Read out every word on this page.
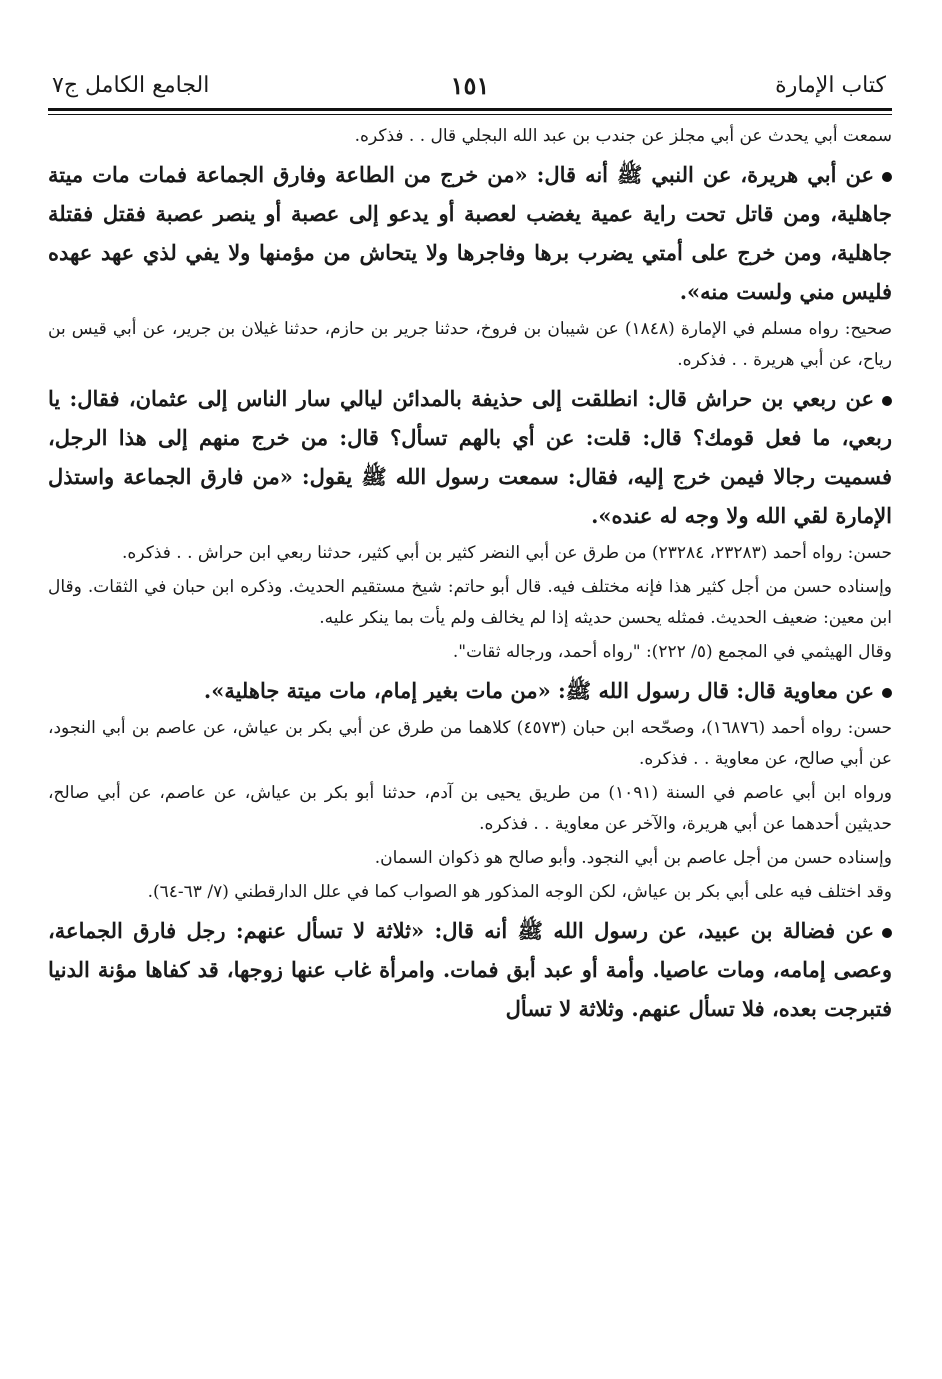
كتاب الإمارة
١٥١
الجامع الكامل ج٧

سمعت أبي يحدث عن أبي مجلز عن جندب بن عبد الله البجلي قال . . فذكره.

عن أبي هريرة، عن النبي ﷺ أنه قال: «من خرج من الطاعة وفارق الجماعة فمات مات ميتة جاهلية، ومن قاتل تحت راية عمية يغضب لعصبة أو يدعو إلى عصبة أو ينصر عصبة فقتل فقتلة جاهلية، ومن خرج على أمتي يضرب برها وفاجرها ولا يتحاش من مؤمنها ولا يفي لذي عهد عهده فليس مني ولست منه».

صحيح: رواه مسلم في الإمارة (١٨٤٨) عن شيبان بن فروخ، حدثنا جرير بن حازم، حدثنا غيلان بن جرير، عن أبي قيس بن رياح، عن أبي هريرة . . فذكره.

عن ربعي بن حراش قال: انطلقت إلى حذيفة بالمدائن ليالي سار الناس إلى عثمان، فقال: يا ربعي، ما فعل قومك؟ قال: قلت: عن أي بالهم تسأل؟ قال: من خرج منهم إلى هذا الرجل، فسميت رجالا فيمن خرج إليه، فقال: سمعت رسول الله ﷺ يقول: «من فارق الجماعة واستذل الإمارة لقي الله ولا وجه له عنده».

حسن: رواه أحمد (٢٣٢٨٣، ٢٣٢٨٤) من طرق عن أبي النضر كثير بن أبي كثير، حدثنا ربعي ابن حراش . . فذكره.

وإسناده حسن من أجل كثير هذا فإنه مختلف فيه. قال أبو حاتم: شيخ مستقيم الحديث. وذكره ابن حبان في الثقات. وقال ابن معين: ضعيف الحديث. فمثله يحسن حديثه إذا لم يخالف ولم يأت بما ينكر عليه.

وقال الهيثمي في المجمع (٥/ ٢٢٢): "رواه أحمد، ورجاله ثقات".

عن معاوية قال: قال رسول الله ﷺ: «من مات بغير إمام، مات ميتة جاهلية».

حسن: رواه أحمد (١٦٨٧٦)، وصحّحه ابن حبان (٤٥٧٣) كلاهما من طرق عن أبي بكر بن عياش، عن عاصم بن أبي النجود، عن أبي صالح، عن معاوية . . فذكره.

ورواه ابن أبي عاصم في السنة (١٠٩١) من طريق يحيى بن آدم، حدثنا أبو بكر بن عياش، عن عاصم، عن أبي صالح، حديثين أحدهما عن أبي هريرة، والآخر عن معاوية . . فذكره.

وإسناده حسن من أجل عاصم بن أبي النجود. وأبو صالح هو ذكوان السمان.

وقد اختلف فيه على أبي بكر بن عياش، لكن الوجه المذكور هو الصواب كما في علل الدارقطني (٧/ ٦٣-٦٤).

عن فضالة بن عبيد، عن رسول الله ﷺ أنه قال: «ثلاثة لا تسأل عنهم: رجل فارق الجماعة، وعصى إمامه، ومات عاصيا. وأمة أو عبد أبق فمات. وامرأة غاب عنها زوجها، قد كفاها مؤنة الدنيا فتبرجت بعده، فلا تسأل عنهم. وثلاثة لا تسأل
